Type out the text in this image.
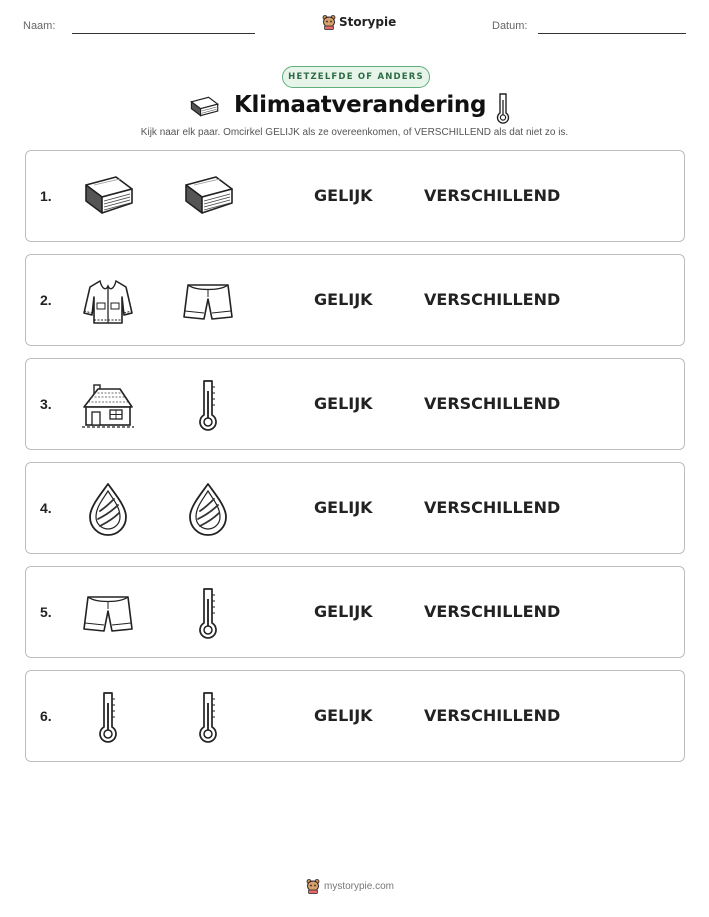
Naam:	Storypie	Datum:
HETZELFDE OF ANDERS
Klimaatverandering
Kijk naar elk paar. Omcirkel GELIJK als ze overeenkomen, of VERSCHILLEND als dat niet zo is.
1.	GELIJK	VERSCHILLEND
2.	GELIJK	VERSCHILLEND
3.	GELIJK	VERSCHILLEND
4.	GELIJK	VERSCHILLEND
5.	GELIJK	VERSCHILLEND
6.	GELIJK	VERSCHILLEND
mystorypie.com
